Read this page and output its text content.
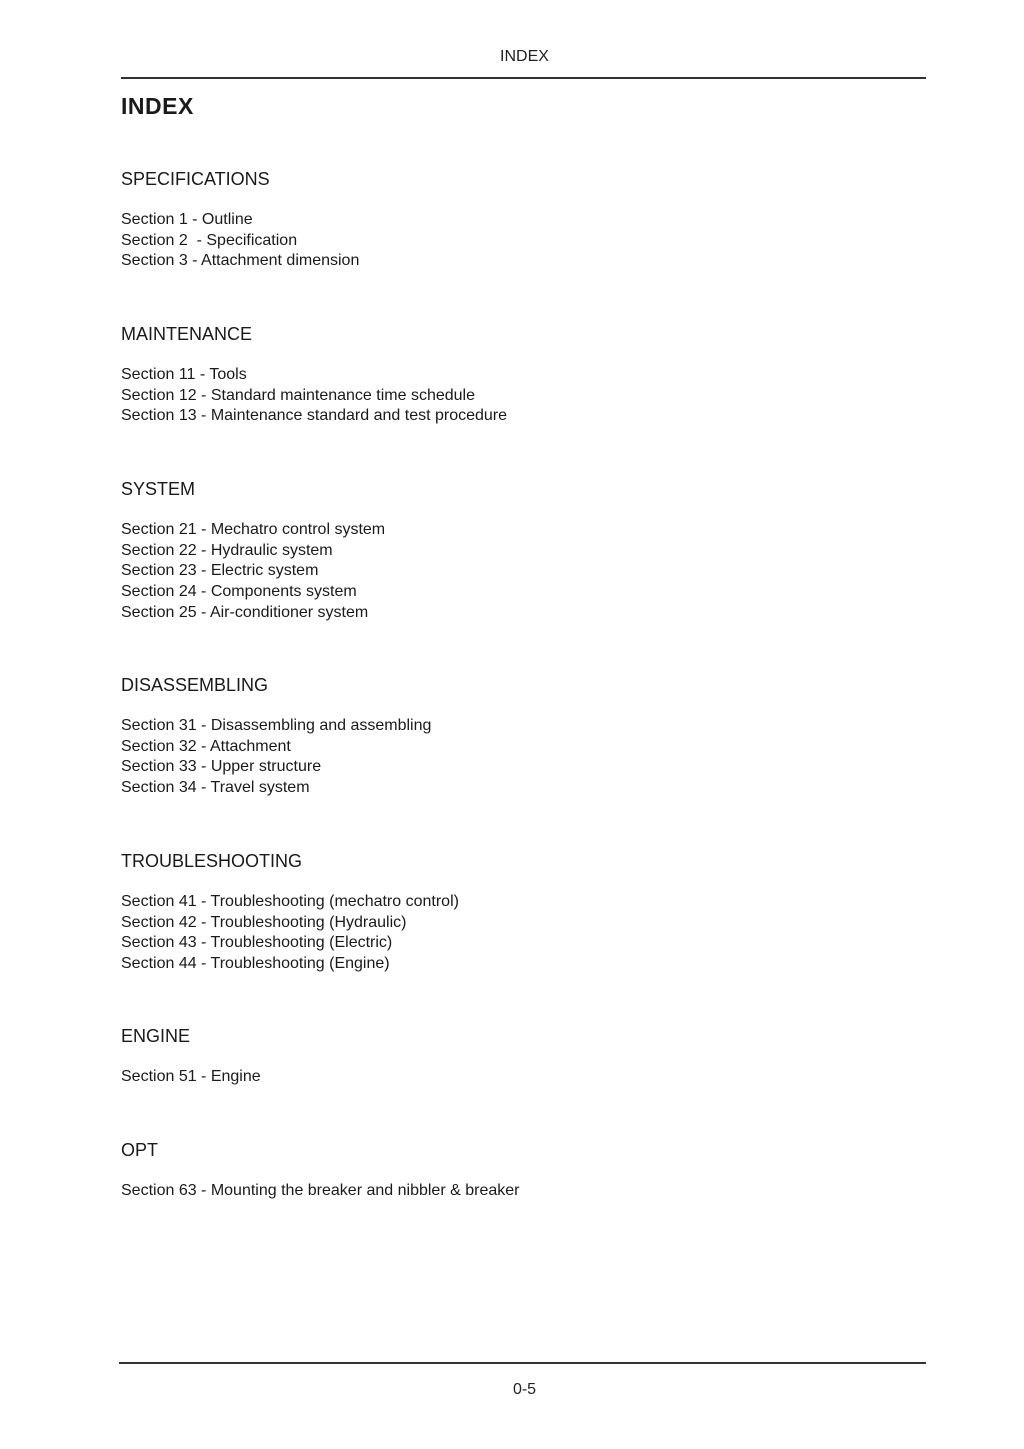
INDEX
INDEX
SPECIFICATIONS
Section 1 - Outline
Section 2  - Specification
Section 3 - Attachment dimension
MAINTENANCE
Section 11 - Tools
Section 12 - Standard maintenance time schedule
Section 13 - Maintenance standard and test procedure
SYSTEM
Section 21 - Mechatro control system
Section 22 - Hydraulic system
Section 23 - Electric system
Section 24 - Components system
Section 25 - Air-conditioner system
DISASSEMBLING
Section 31 - Disassembling and assembling
Section 32 - Attachment
Section 33 - Upper structure
Section 34 - Travel system
TROUBLESHOOTING
Section 41 - Troubleshooting (mechatro control)
Section 42 - Troubleshooting (Hydraulic)
Section 43 - Troubleshooting (Electric)
Section 44 - Troubleshooting (Engine)
ENGINE
Section 51 - Engine
OPT
Section 63 - Mounting the breaker and nibbler & breaker
0-5
